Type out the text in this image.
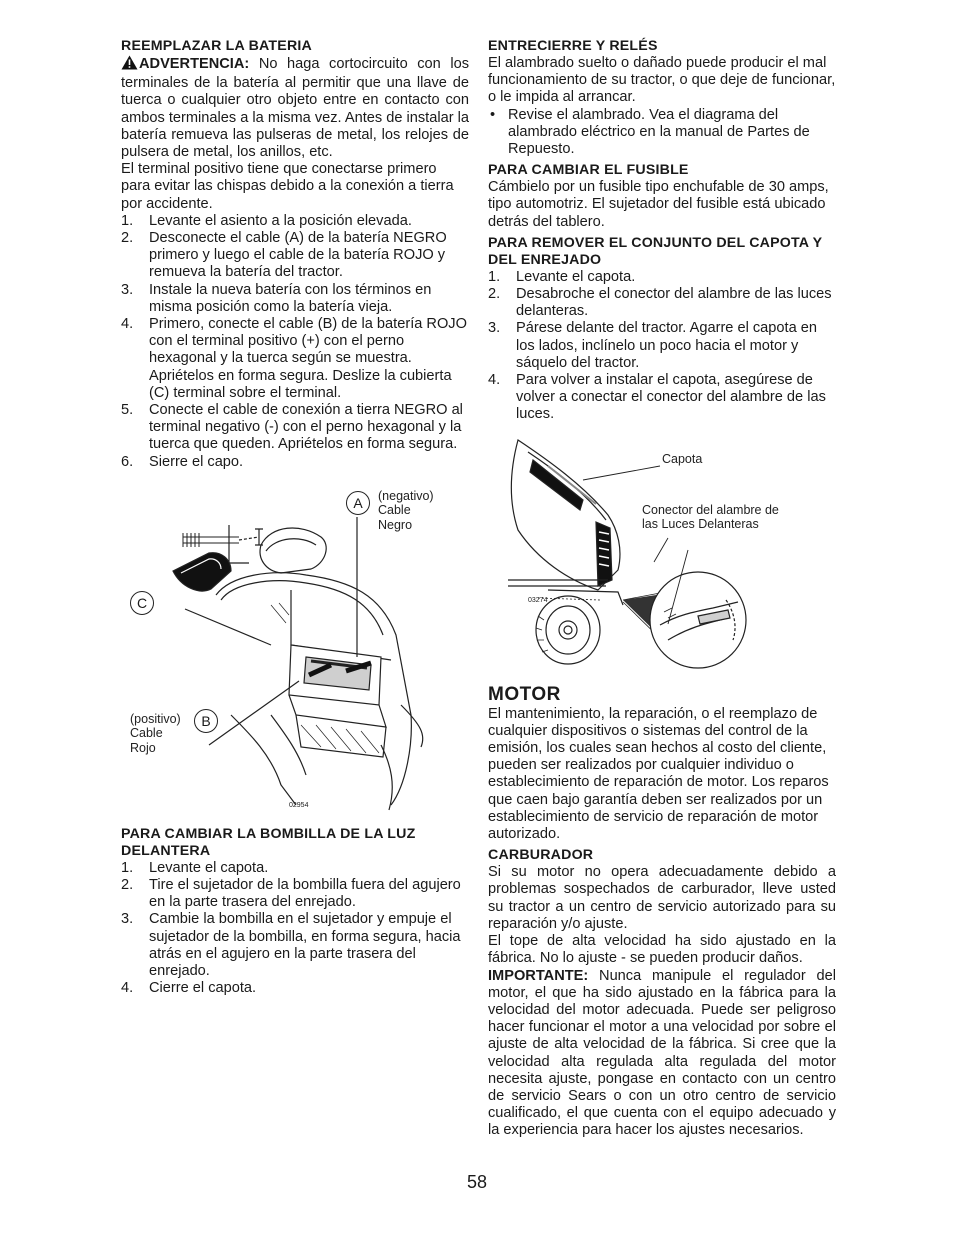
REEMPLAZAR LA BATERIA

ADVERTENCIA: No haga cortocircuito con los terminales de la batería al permitir que una llave de tuerca o cualquier otro objeto entre en contacto con ambos terminales a la misma vez. Antes de instalar la batería remueva las pulseras de metal, los relojes de pulsera de metal, los anillos, etc.

El terminal positivo tiene que conectarse primero para evitar las chispas debido a la conexión a tierra por accidente.

1. Levante el asiento a la posición elevada.
2. Desconecte el cable (A) de la batería NEGRO primero y luego el cable de la batería ROJO y remueva la batería del tractor.
3. Instale la nueva batería con los términos en misma posición como la batería vieja.
4. Primero, conecte el cable (B) de la batería ROJO con el terminal positivo (+) con el perno hexagonal y la tuerca según se muestra. Apriételos en forma segura. Deslize la cubierta (C) terminal sobre el terminal.
5. Conecte el cable de conexión a tierra NEGRO al terminal negativo (-) con el perno hexagonal y la tuerca que queden. Apriételos en forma segura.
6. Sierre el capo.
A	(negativo)
Cable
Negro
C
B
(positivo)
Cable
Rojo
02954
PARA CAMBIAR LA BOMBILLA DE LA LUZ DELANTERA
1. Levante el capota.
2. Tire el sujetador de la bombilla fuera del agujero en la parte trasera del enrejado.
3. Cambie la bombilla en el sujetador y empuje el sujetador de la bombilla, en forma segura, hacia atrás en el agujero en la parte trasera del enrejado.
4. Cierre el capota.
ENTRECIERRE Y RELÉS

El alambrado suelto o dañado puede producir el mal funcionamiento de su tractor, o que deje de funcionar, o le impida al arrancar.

• Revise el alambrado. Vea el diagrama del alambrado eléctrico en la manual de Partes de Repuesto.
PARA CAMBIAR EL FUSIBLE

Cámbielo por un fusible tipo enchufable de 30 amps, tipo automotriz. El sujetador del fusible está ubicado detrás del tablero.

PARA REMOVER EL CONJUNTO DEL CAPOTA Y DEL ENREJADO
1. Levante el capota.
2. Desabroche el conector del alambre de las luces delanteras.
3. Párese delante del tractor. Agarre el capota en los lados, inclínelo un poco hacia el motor y sáquelo del tractor.
4. Para volver a instalar el capota, asegúrese de volver a conectar el conector del alambre de las luces.
Capota
Conector del alambre de
las Luces Delanteras
03274
MOTOR

El mantenimiento, la reparación, o el reemplazo de cualquier dispositivos o sistemas del control de la emisión, los cuales sean hechos al costo del cliente, pueden ser realizados por cualquier individuo o establecimiento de reparación de motor. Los reparos que caen bajo garantía deben ser realizados por un establecimiento de servicio de reparación de motor autorizado.

CARBURADOR

Si su motor no opera adecuadamente debido a problemas sospechados de carburador, lleve usted su tractor a un centro de servicio autorizado para su reparación y/o ajuste.

El tope de alta velocidad ha sido ajustado en la fábrica. No lo ajuste - se pueden producir daños.

IMPORTANTE: Nunca manipule el regulador del motor, el que ha sido ajustado en la fábrica para la velocidad del motor adecuada. Puede ser peligroso hacer funcionar el motor a una velocidad por sobre el ajuste de alta velocidad de la fábrica. Si cree que la velocidad alta regulada alta regulada del motor necesita ajuste, pongase en contacto con un centro de servicio Sears o con un otro centro de servicio cualificado, el que cuenta con el equipo adecuado y la experiencia para hacer los ajustes necesarios.

58
